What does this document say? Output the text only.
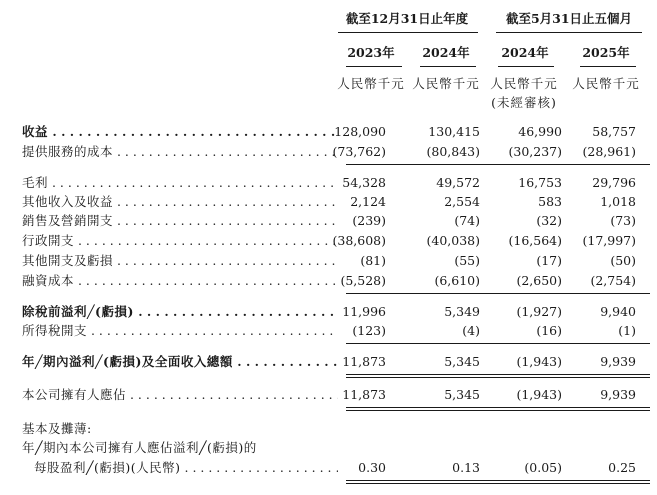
截至12月31日止年度	截至5月31日止五個月
2023年	2024年	2024年	2025年
人民幣千元 人民幣千元 人民幣千元 人民幣千元
(未經審核)
收益 . . .	128,090	130,415	46,990	58,757
提供服務的成本 . . .	(73,762)	(80,843)	(30,237)	(28,961)
毛利 . . .	54,328	49,572	16,753	29,796
其他收入及收益 . . .	2,124	2,554	583	1,018
銷售及營銷開支 . . .	(239)	(74)	(32)	(73)
行政開支 . . .	(38,608)	(40,038)	(16,564)	(17,997)
其他開支及虧損 . . .	(81)	(55)	(17)	(50)
融資成本 . . .	(5,528)	(6,610)	(2,650)	(2,754)
除稅前溢利╱(虧損) . . .	11,996	5,349	(1,927)	9,940
所得稅開支 . . .	(123)	(4)	(16)	(1)
年╱期內溢利╱(虧損)及全面收入總額 . . .	11,873	5,345	(1,943)	9,939
本公司擁有人應佔 . . .	11,873	5,345	(1,943)	9,939
基本及攤薄:
年╱期內本公司擁有人應佔溢利╱(虧損)的
每股盈利╱(虧損)(人民幣) . . .	0.30	0.13	(0.05)	0.25
